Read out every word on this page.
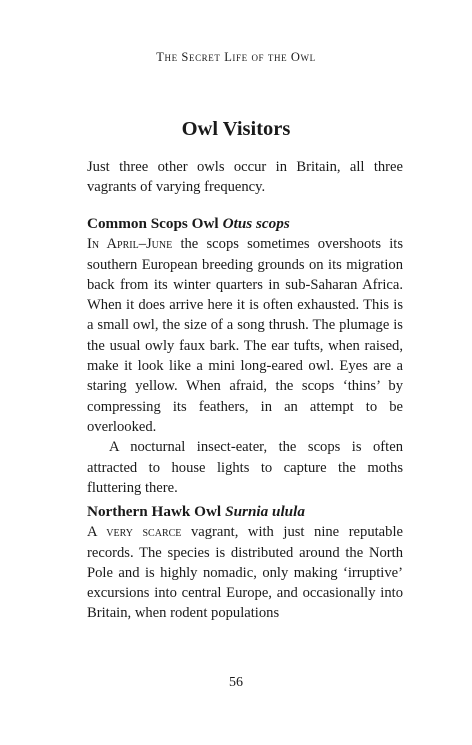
The Secret Life of the Owl
Owl Visitors
Just three other owls occur in Britain, all three vagrants of varying frequency.
Common Scops Owl Otus scops

In April–June the scops sometimes overshoots its southern European breeding grounds on its migration back from its winter quarters in sub-Saharan Africa. When it does arrive here it is often exhausted. This is a small owl, the size of a song thrush. The plumage is the usual owly faux bark. The ear tufts, when raised, make it look like a mini long-eared owl. Eyes are a staring yellow. When afraid, the scops ‘thins’ by compressing its feathers, in an attempt to be overlooked.

A nocturnal insect-eater, the scops is often attracted to house lights to capture the moths fluttering there.

Northern Hawk Owl Surnia ulula

A very scarce vagrant, with just nine reputable records. The species is distributed around the North Pole and is highly nomadic, only making ‘irruptive’ excursions into central Europe, and occasionally into Britain, when rodent populations

56
